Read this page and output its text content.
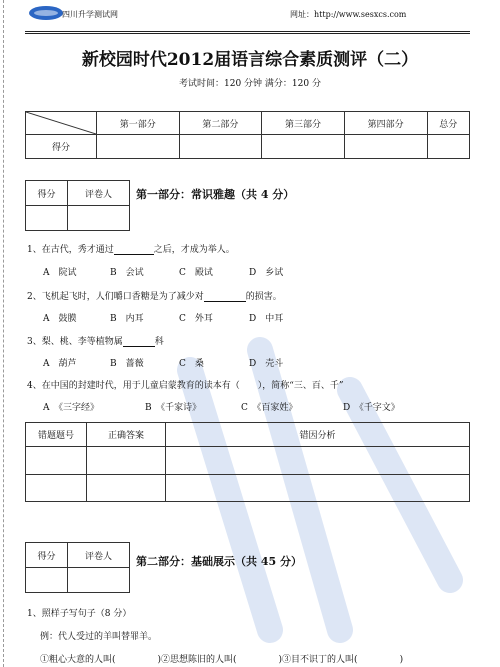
四川升学测试网	网址：http://www.sesxcs.com
新校园时代2012届语言综合素质测评（二）
考试时间：120 分钟 满分：120 分
	第一部分	第二部分	第三部分	第四部分	总分
得分					
得分	评卷人
	第一部分：常识雅趣（共 4 分）
1、在古代，秀才通过	之后，才成为举人。
A　院试	B　会试	C　殿试	D　乡试
2、飞机起飞时，人们嚼口香糖是为了减少对	的损害。
A　鼓膜	B　内耳	C　外耳	D　中耳
3、梨、桃、李等植物属	科
A　葫芦	B　蔷薇	C　桑	D　壳斗
4、在中国的封建时代，用于儿童启蒙教育的读本有（　　），简称“三、百、千”
A　《三字经》	B　《千家诗》	C　《百家姓》	D　《千字文》
错题题号	正确答案	错因分析

得分	评卷人
	第二部分：基础展示（共 45 分）
1、照样子写句子（8 分）
例：代人受过的羊叫替罪羊。
①粗心大意的人叫(	)②思想陈旧的人叫(	)③目不识丁的人叫(	)
